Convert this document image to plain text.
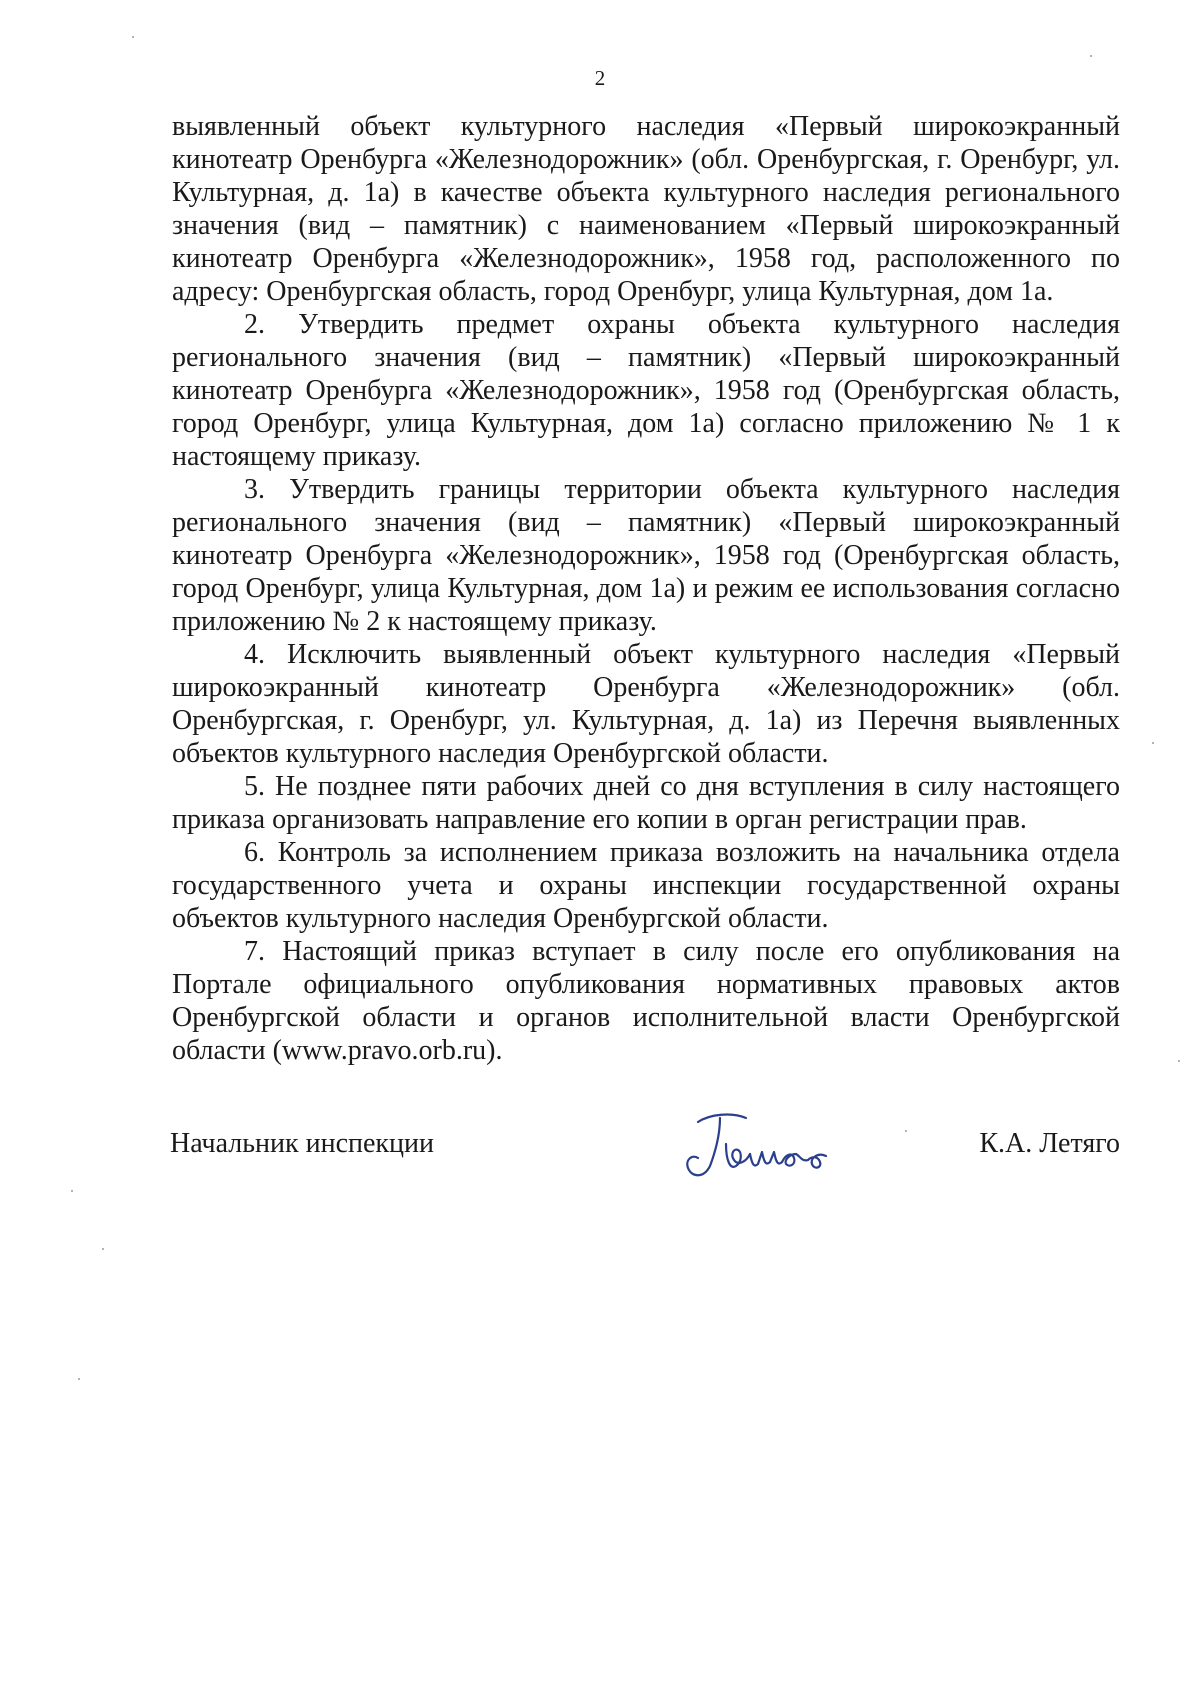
2

выявленный объект культурного наследия «Первый широкоэкранный кинотеатр Оренбурга «Железнодорожник» (обл. Оренбургская, г. Оренбург, ул. Культурная, д. 1а) в качестве объекта культурного наследия регионального значения (вид – памятник) с наименованием «Первый широкоэкранный кинотеатр Оренбурга «Железнодорожник», 1958 год, расположенного по адресу: Оренбургская область, город Оренбург, улица Культурная, дом 1а.

2. Утвердить предмет охраны объекта культурного наследия регионального значения (вид – памятник) «Первый широкоэкранный кинотеатр Оренбурга «Железнодорожник», 1958 год (Оренбургская область, город Оренбург, улица Культурная, дом 1а) согласно приложению № 1 к настоящему приказу.

3. Утвердить границы территории объекта культурного наследия регионального значения (вид – памятник) «Первый широкоэкранный кинотеатр Оренбурга «Железнодорожник», 1958 год (Оренбургская область, город Оренбург, улица Культурная, дом 1а) и режим ее использования согласно приложению № 2 к настоящему приказу.

4. Исключить выявленный объект культурного наследия «Первый широкоэкранный кинотеатр Оренбурга «Железнодорожник» (обл. Оренбургская, г. Оренбург, ул. Культурная, д. 1а) из Перечня выявленных объектов культурного наследия Оренбургской области.

5. Не позднее пяти рабочих дней со дня вступления в силу настоящего приказа организовать направление его копии в орган регистрации прав.

6. Контроль за исполнением приказа возложить на начальника отдела государственного учета и охраны инспекции государственной охраны объектов культурного наследия Оренбургской области.

7. Настоящий приказ вступает в силу после его опубликования на Портале официального опубликования нормативных правовых актов Оренбургской области и органов исполнительной власти Оренбургской области (www.pravo.orb.ru).

Начальник инспекции	К.А. Летяго
